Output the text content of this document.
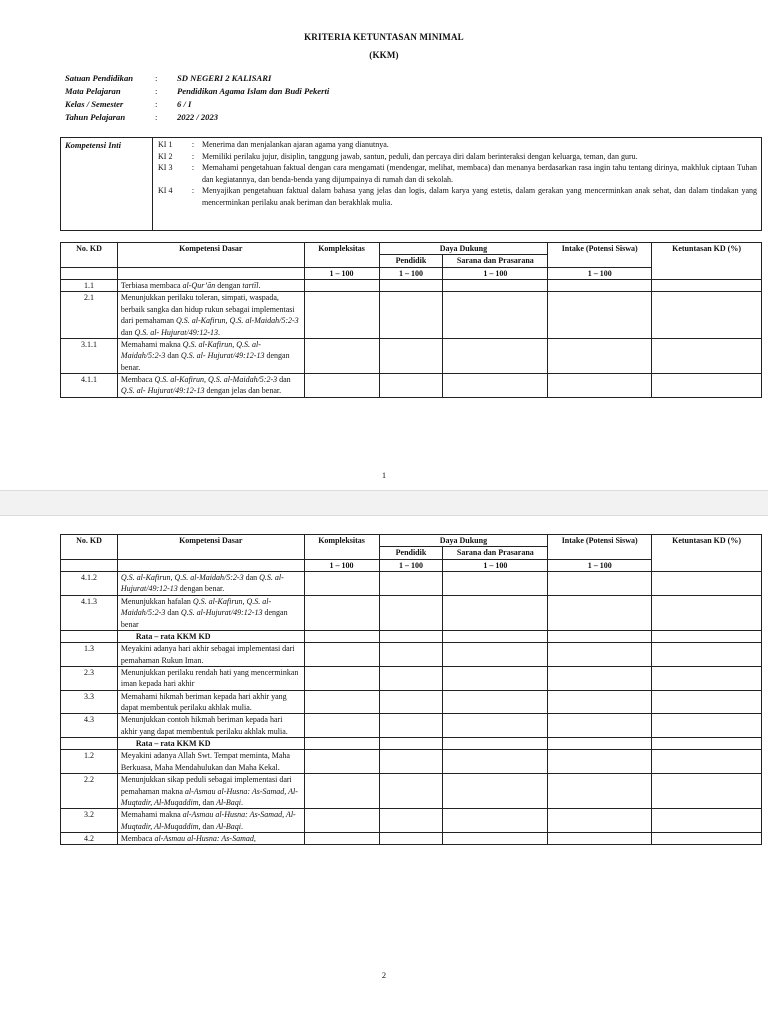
KRITERIA KETUNTASAN MINIMAL
(KKM)
Satuan Pendidikan	: SD NEGERI 2 KALISARI
Mata Pelajaran	: Pendidikan Agama Islam dan Budi Pekerti
Kelas / Semester	: 6 / I
Tahun Pelajaran	: 2022 / 2023
Kompetensi Inti	KI 1	: Menerima dan menjalankan ajaran agama yang dianutnya.
KI 2	: Memiliki perilaku jujur, disiplin, tanggung jawab, santun, peduli, dan percaya diri dalam berinteraksi dengan keluarga, teman, dan guru.
KI 3	: Memahami pengetahuan faktual dengan cara mengamati (mendengar, melihat, membaca) dan menanya berdasarkan rasa ingin tahu tentang dirinya, makhluk ciptaan Tuhan dan kegiatannya, dan benda-benda yang dijumpainya di rumah dan di sekolah.
KI 4	: Menyajikan pengetahuan faktual dalam bahasa yang jelas dan logis, dalam karya yang estetis, dalam gerakan yang mencerminkan anak sehat, dan dalam tindakan yang mencerminkan perilaku anak beriman dan berakhlak mulia.
No. KD	Kompetensi Dasar	Kompleksitas	Daya Dukung		Intake (Potensi Siswa)	Ketuntasan KD (%)
			Pendidik	Sarana dan Prasarana		
		1 – 100	1 – 100	1 – 100	1 – 100	
1.1	Terbiasa membaca al-Qur’ān dengan tartīl.					
2.1	Menunjukkan perilaku toleran, simpati, waspada, berbaik sangka dan hidup rukun sebagai implementasi dari pemahaman Q.S. al-Kafirun, Q.S. al-Maidah/5:2-3 dan Q.S. al- Hujurat/49:12-13.					
3.1.1	Memahami makna Q.S. al-Kafirun, Q.S. al-Maidah/5:2-3 dan Q.S. al- Hujurat/49:12-13 dengan benar.					
4.1.1	Membaca Q.S. al-Kafirun, Q.S. al-Maidah/5:2-3 dan Q.S. al- Hujurat/49:12-13 dengan jelas dan benar.					
1
No. KD	Kompetensi Dasar	Kompleksitas	Daya Dukung		Intake (Potensi Siswa)	Ketuntasan KD (%)
			Pendidik	Sarana dan Prasarana		
		1 – 100	1 – 100	1 – 100	1 – 100	
4.1.2	Q.S. al-Kafirun, Q.S. al-Maidah/5:2-3 dan Q.S. al- Hujurat/49:12-13 dengan benar.					
4.1.3	Menunjukkan hafalan Q.S. al-Kafirun, Q.S. al-Maidah/5:2-3 dan Q.S. al-Hujurat/49:12-13 dengan benar					
	Rata – rata KKM KD					
1.3	Meyakini adanya hari akhir sebagai implementasi dari pemahaman Rukun Iman.					
2.3	Menunjukkan perilaku rendah hati yang mencerminkan iman kepada hari akhir					
3.3	Memahami hikmah beriman kepada hari akhir yang dapat membentuk perilaku akhlak mulia.					
4.3	Menunjukkan contoh hikmah beriman kepada hari akhir yang dapat membentuk perilaku akhlak mulia.					
	Rata – rata KKM KD					
1.2	Meyakini adanya Allah Swt. Tempat meminta, Maha Berkuasa, Maha Mendahulukan dan Maha Kekal.					
2.2	Menunjukkan sikap peduli sebagai implementasi dari pemahaman makna al-Asmau al-Husna: As-Samad, Al-Muqtadir, Al-Muqaddim, dan Al-Baqi.					
3.2	Memahami makna al-Asmau al-Husna: As-Samad, Al-Muqtadir, Al-Muqaddim, dan Al-Baqi.					
4.2	Membaca al-Asmau al-Husna: As-Samad,					
2
